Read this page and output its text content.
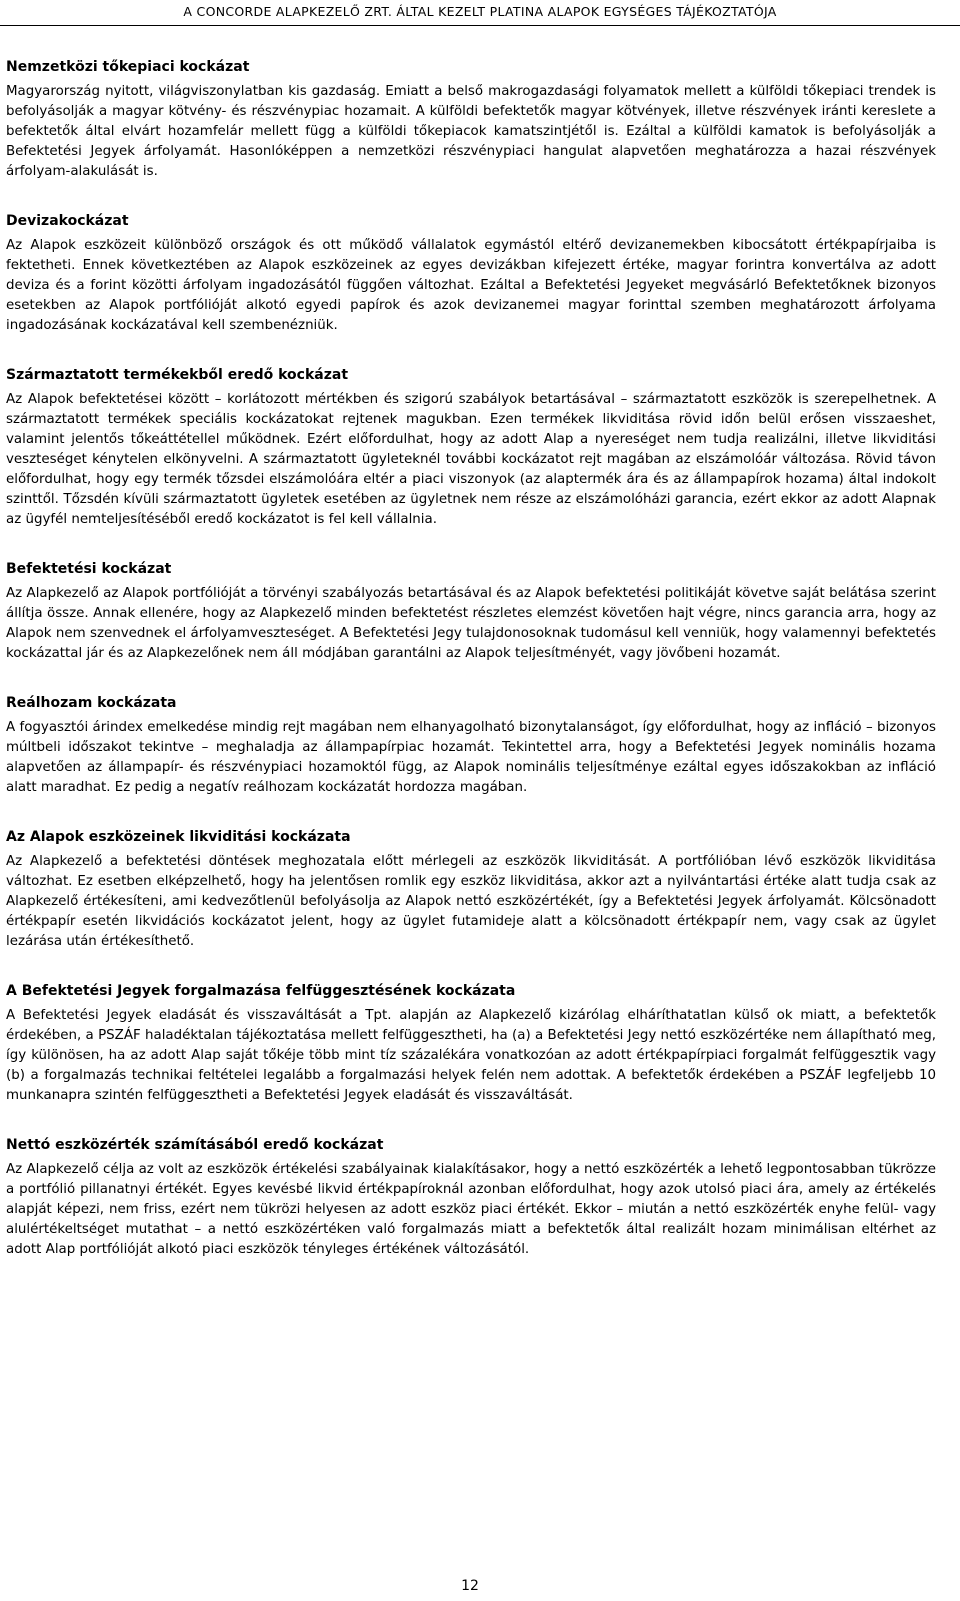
A CONCORDE ALAPKEZELŐ ZRT. ÁLTAL KEZELT PLATINA ALAPOK EGYSÉGES TÁJÉKOZTATÓJA
Nemzetközi tőkepiaci kockázat

Magyarország nyitott, világviszonylatban kis gazdaság. Emiatt a belső makrogazdasági folyamatok mellett a külföldi tőkepiaci trendek is befolyásolják a magyar kötvény- és részvénypiac hozamait. A külföldi befektetők magyar kötvények, illetve részvények iránti kereslete a befektetők által elvárt hozamfelár mellett függ a külföldi tőkepiacok kamatszintjétől is. Ezáltal a külföldi kamatok is befolyásolják a Befektetési Jegyek árfolyamát. Hasonlóképpen a nemzetközi részvénypiaci hangulat alapvetően meghatározza a hazai részvények árfolyam-alakulását is.

Devizakockázat

Az Alapok eszközeit különböző országok és ott működő vállalatok egymástól eltérő devizanemekben kibocsátott értékpapírjaiba is fektetheti. Ennek következtében az Alapok eszközeinek az egyes devizákban kifejezett értéke, magyar forintra konvertálva az adott deviza és a forint közötti árfolyam ingadozásától függően változhat. Ezáltal a Befektetési Jegyeket megvásárló Befektetőknek bizonyos esetekben az Alapok portfólióját alkotó egyedi papírok és azok devizanemei magyar forinttal szemben meghatározott árfolyama ingadozásának kockázatával kell szembenézniük.

Származtatott termékekből eredő kockázat

Az Alapok befektetései között – korlátozott mértékben és szigorú szabályok betartásával – származtatott eszközök is szerepelhetnek. A származtatott termékek speciális kockázatokat rejtenek magukban. Ezen termékek likviditása rövid időn belül erősen visszaeshet, valamint jelentős tőkeáttétellel működnek. Ezért előfordulhat, hogy az adott Alap a nyereséget nem tudja realizálni, illetve likviditási veszteséget kénytelen elkönyvelni. A származtatott ügyleteknél további kockázatot rejt magában az elszámolóár változása. Rövid távon előfordulhat, hogy egy termék tőzsdei elszámolóára eltér a piaci viszonyok (az alaptermék ára és az állampapírok hozama) által indokolt szinttől. Tőzsdén kívüli származtatott ügyletek esetében az ügyletnek nem része az elszámolóházi garancia, ezért ekkor az adott Alapnak az ügyfél nemteljesítéséből eredő kockázatot is fel kell vállalnia.

Befektetési kockázat

Az Alapkezelő az Alapok portfólióját a törvényi szabályozás betartásával és az Alapok befektetési politikáját követve saját belátása szerint állítja össze. Annak ellenére, hogy az Alapkezelő minden befektetést részletes elemzést követően hajt végre, nincs garancia arra, hogy az Alapok nem szenvednek el árfolyamveszteséget. A Befektetési Jegy tulajdonosoknak tudomásul kell venniük, hogy valamennyi befektetés kockázattal jár és az Alapkezelőnek nem áll módjában garantálni az Alapok teljesítményét, vagy jövőbeni hozamát.

Reálhozam kockázata

A fogyasztói árindex emelkedése mindig rejt magában nem elhanyagolható bizonytalanságot, így előfordulhat, hogy az infláció – bizonyos múltbeli időszakot tekintve – meghaladja az állampapírpiac hozamát. Tekintettel arra, hogy a Befektetési Jegyek nominális hozama alapvetően az állampapír- és részvénypiaci hozamoktól függ, az Alapok nominális teljesítménye ezáltal egyes időszakokban az infláció alatt maradhat. Ez pedig a negatív reálhozam kockázatát hordozza magában.

Az Alapok eszközeinek likviditási kockázata

Az Alapkezelő a befektetési döntések meghozatala előtt mérlegeli az eszközök likviditását. A portfólióban lévő eszközök likviditása változhat. Ez esetben elképzelhető, hogy ha jelentősen romlik egy eszköz likviditása, akkor azt a nyilvántartási értéke alatt tudja csak az Alapkezelő értékesíteni, ami kedvezőtlenül befolyásolja az Alapok nettó eszközértékét, így a Befektetési Jegyek árfolyamát. Kölcsönadott értékpapír esetén likvidációs kockázatot jelent, hogy az ügylet futamideje alatt a kölcsönadott értékpapír nem, vagy csak az ügylet lezárása után értékesíthető.

A Befektetési Jegyek forgalmazása felfüggesztésének kockázata

A Befektetési Jegyek eladását és visszaváltását a Tpt. alapján az Alapkezelő kizárólag elháríthatatlan külső ok miatt, a befektetők érdekében, a PSZÁF haladéktalan tájékoztatása mellett felfüggesztheti, ha (a) a Befektetési Jegy nettó eszközértéke nem állapítható meg, így különösen, ha az adott Alap saját tőkéje több mint tíz százalékára vonatkozóan az adott értékpapírpiaci forgalmát felfüggesztik vagy (b) a forgalmazás technikai feltételei legalább a forgalmazási helyek felén nem adottak. A befektetők érdekében a PSZÁF legfeljebb 10 munkanapra szintén felfüggesztheti a Befektetési Jegyek eladását és visszaváltását.

Nettó eszközérték számításából eredő kockázat

Az Alapkezelő célja az volt az eszközök értékelési szabályainak kialakításakor, hogy a nettó eszközérték a lehető legpontosabban tükrözze a portfólió pillanatnyi értékét. Egyes kevésbé likvid értékpapíroknál azonban előfordulhat, hogy azok utolsó piaci ára, amely az értékelés alapját képezi, nem friss, ezért nem tükrözi helyesen az adott eszköz piaci értékét. Ekkor – miután a nettó eszközérték enyhe felül- vagy alulértékeltséget mutathat – a nettó eszközértéken való forgalmazás miatt a befektetők által realizált hozam minimálisan eltérhet az adott Alap portfólióját alkotó piaci eszközök tényleges értékének változásától.

12
